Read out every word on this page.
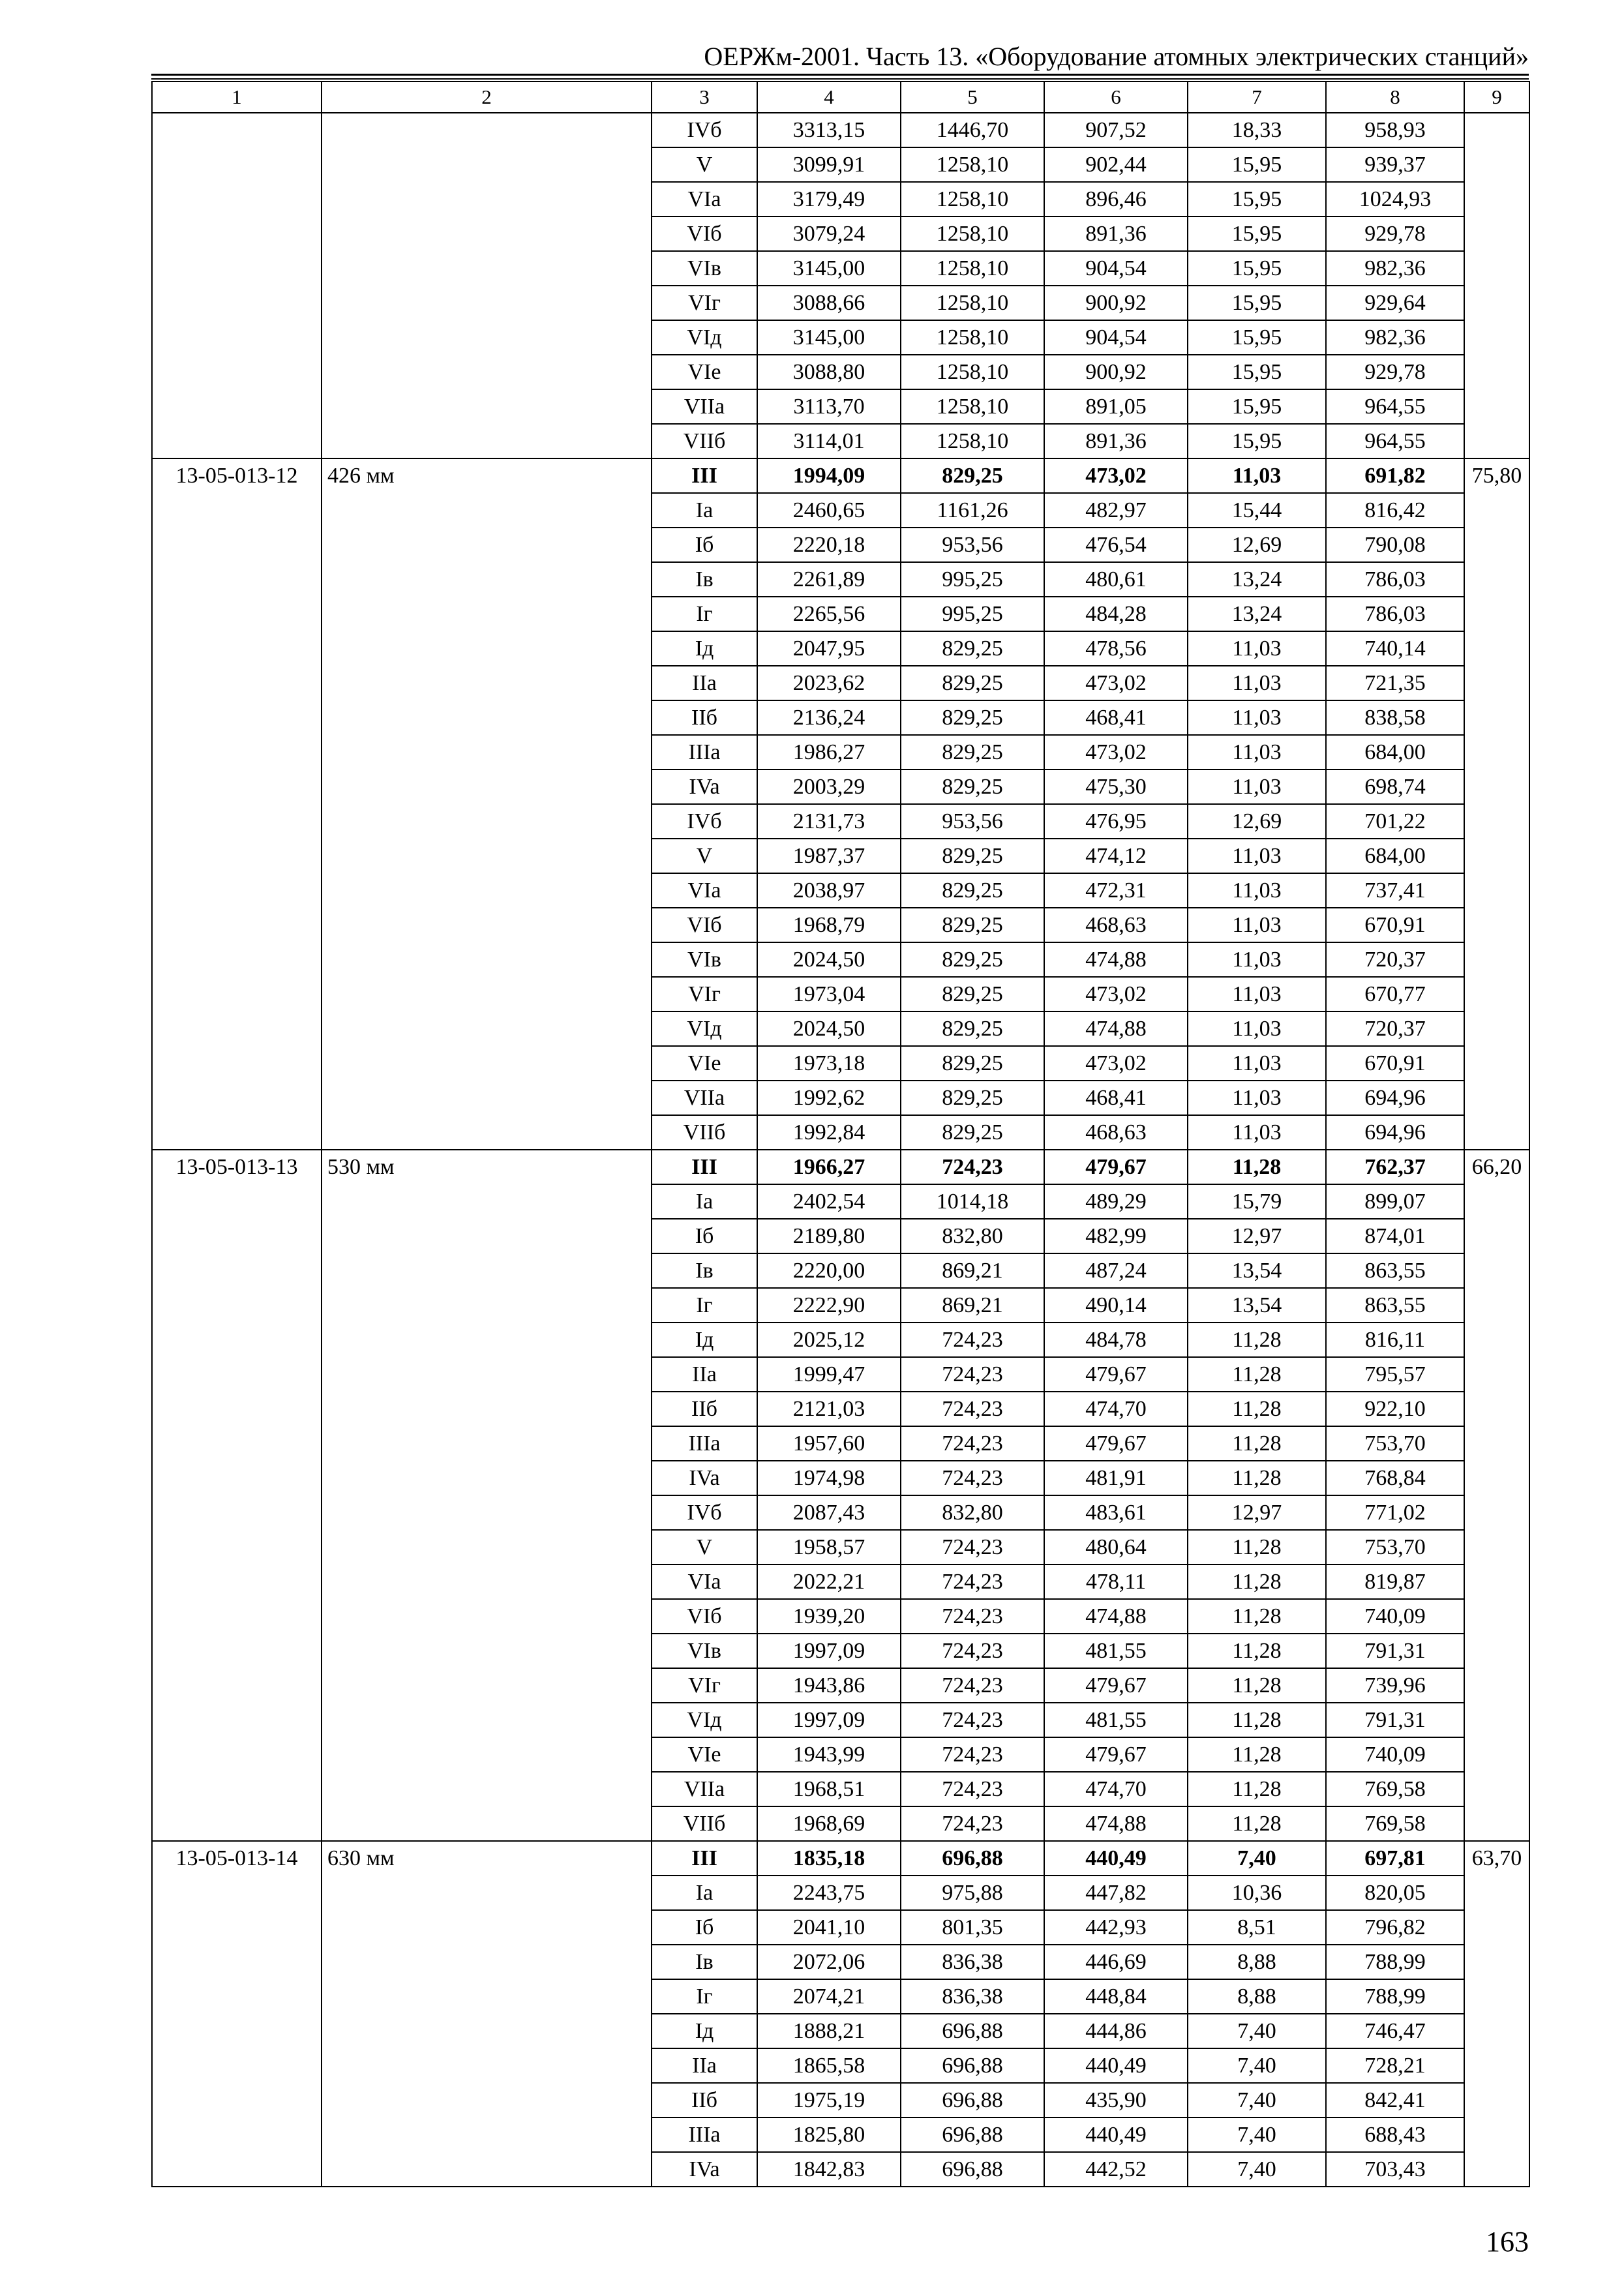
ОЕРЖм-2001. Часть 13. «Оборудование атомных электрических станций»
1	2	3	4	5	6	7	8	9
		IVб	3313,15	1446,70	907,52	18,33	958,93	
		V	3099,91	1258,10	902,44	15,95	939,37	
		VIa	3179,49	1258,10	896,46	15,95	1024,93	
		VIб	3079,24	1258,10	891,36	15,95	929,78	
		VIв	3145,00	1258,10	904,54	15,95	982,36	
		VIг	3088,66	1258,10	900,92	15,95	929,64	
		VIд	3145,00	1258,10	904,54	15,95	982,36	
		VIe	3088,80	1258,10	900,92	15,95	929,78	
		VIIa	3113,70	1258,10	891,05	15,95	964,55	
		VIIб	3114,01	1258,10	891,36	15,95	964,55	
13-05-013-12	426 мм	III	1994,09	829,25	473,02	11,03	691,82	75,80
		Ia	2460,65	1161,26	482,97	15,44	816,42	
		Iб	2220,18	953,56	476,54	12,69	790,08	
		Iв	2261,89	995,25	480,61	13,24	786,03	
		Iг	2265,56	995,25	484,28	13,24	786,03	
		Iд	2047,95	829,25	478,56	11,03	740,14	
		IIa	2023,62	829,25	473,02	11,03	721,35	
		IIб	2136,24	829,25	468,41	11,03	838,58	
		IIIa	1986,27	829,25	473,02	11,03	684,00	
		IVa	2003,29	829,25	475,30	11,03	698,74	
		IVб	2131,73	953,56	476,95	12,69	701,22	
		V	1987,37	829,25	474,12	11,03	684,00	
		VIa	2038,97	829,25	472,31	11,03	737,41	
		VIб	1968,79	829,25	468,63	11,03	670,91	
		VIв	2024,50	829,25	474,88	11,03	720,37	
		VIг	1973,04	829,25	473,02	11,03	670,77	
		VIд	2024,50	829,25	474,88	11,03	720,37	
		VIe	1973,18	829,25	473,02	11,03	670,91	
		VIIa	1992,62	829,25	468,41	11,03	694,96	
		VIIб	1992,84	829,25	468,63	11,03	694,96	
13-05-013-13	530 мм	III	1966,27	724,23	479,67	11,28	762,37	66,20
		Ia	2402,54	1014,18	489,29	15,79	899,07	
		Iб	2189,80	832,80	482,99	12,97	874,01	
		Iв	2220,00	869,21	487,24	13,54	863,55	
		Iг	2222,90	869,21	490,14	13,54	863,55	
		Iд	2025,12	724,23	484,78	11,28	816,11	
		IIa	1999,47	724,23	479,67	11,28	795,57	
		IIб	2121,03	724,23	474,70	11,28	922,10	
		IIIa	1957,60	724,23	479,67	11,28	753,70	
		IVa	1974,98	724,23	481,91	11,28	768,84	
		IVб	2087,43	832,80	483,61	12,97	771,02	
		V	1958,57	724,23	480,64	11,28	753,70	
		VIa	2022,21	724,23	478,11	11,28	819,87	
		VIб	1939,20	724,23	474,88	11,28	740,09	
		VIв	1997,09	724,23	481,55	11,28	791,31	
		VIг	1943,86	724,23	479,67	11,28	739,96	
		VIд	1997,09	724,23	481,55	11,28	791,31	
		VIe	1943,99	724,23	479,67	11,28	740,09	
		VIIa	1968,51	724,23	474,70	11,28	769,58	
		VIIб	1968,69	724,23	474,88	11,28	769,58	
13-05-013-14	630 мм	III	1835,18	696,88	440,49	7,40	697,81	63,70
		Ia	2243,75	975,88	447,82	10,36	820,05	
		Iб	2041,10	801,35	442,93	8,51	796,82	
		Iв	2072,06	836,38	446,69	8,88	788,99	
		Iг	2074,21	836,38	448,84	8,88	788,99	
		Iд	1888,21	696,88	444,86	7,40	746,47	
		IIa	1865,58	696,88	440,49	7,40	728,21	
		IIб	1975,19	696,88	435,90	7,40	842,41	
		IIIa	1825,80	696,88	440,49	7,40	688,43	
		IVa	1842,83	696,88	442,52	7,40	703,43	
163
